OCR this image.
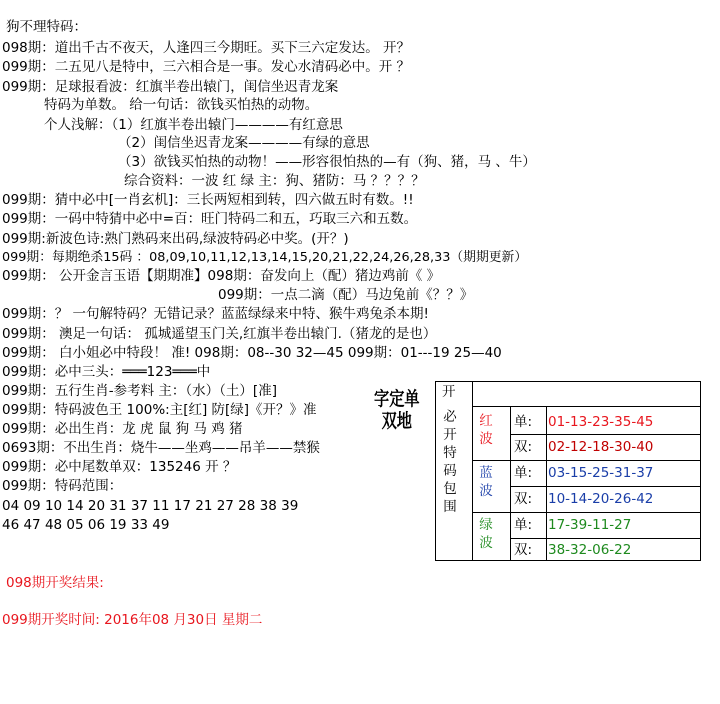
狗不理特码：
098期：道出千古不夜天，人逢四三今期旺。买下三六定发达。 开？
099期：二五见八是特中，三六相合是一事。发心水清码必中。开 ？
099期：足球报看波：红旗半卷出辕门，闺信坐迟青龙案
特码为单数。 给一句话：欲钱买怕热的动物。
个人浅解：（1）红旗半卷出辕门————有红意思
（2）闺信坐迟青龙案————有绿的意思
（3）欲钱买怕热的动物！——形容很怕热的—有（狗、猪，马 、牛）
综合资料：一波 红 绿 主：狗、猪防：马 ？？？？
099期：猜中必中[一肖玄机]：三长两短相到转，四六做五时有数。!!
099期：一码中特猜中必中=百：旺门特码二和五，巧取三六和五数。
099期:新波色诗:熟门熟码来出码,绿波特码必中奖。(开？)
099期：每期绝杀15码 ：08,09,10,11,12,13,14,15,20,21,22,24,26,28,33（期期更新）
099期： 公开金言玉语【期期准】098期：奋发向上（配）猪边鸡前《 》
099期：一点二滴（配）马边兔前《？？》
099期：？ 一句解特码？无错记录？蓝蓝绿绿来中特、猴牛鸡兔杀本期!
099期： 澳足一句话： 孤城遥望玉门关,红旗半卷出辕门.（猪龙的是也）
099期： 白小姐必中特段！ 准! 098期：08--30 32—45 099期：01---19 25—40
099期：必中三头：═══123═══中
099期：五行生肖-参考料 主：（水）（土）[准]
099期：特码波色王 100%:主[红] 防[绿]《开？》准
099期：必出生肖：龙 虎 鼠 狗 马 鸡 猪
0693期：不出生肖：烧牛——坐鸡——吊羊——禁猴
099期：必中尾数单双：135246 开 ？
099期：特码范围：
04 09 10 14 20 31 37 11 17 21 27 28 38 39
46 47 48 05 06 19 33 49
098期开奖结果:
099期开奖时间: 2016年08 月30日 星期二
字定单双地
开
必开特码包围
红波
蓝波
绿波
单: 01-13-23-35-45
双: 02-12-18-30-40
单: 03-15-25-31-37
双: 10-14-20-26-42
单: 17-39-11-27
双: 38-32-06-22
